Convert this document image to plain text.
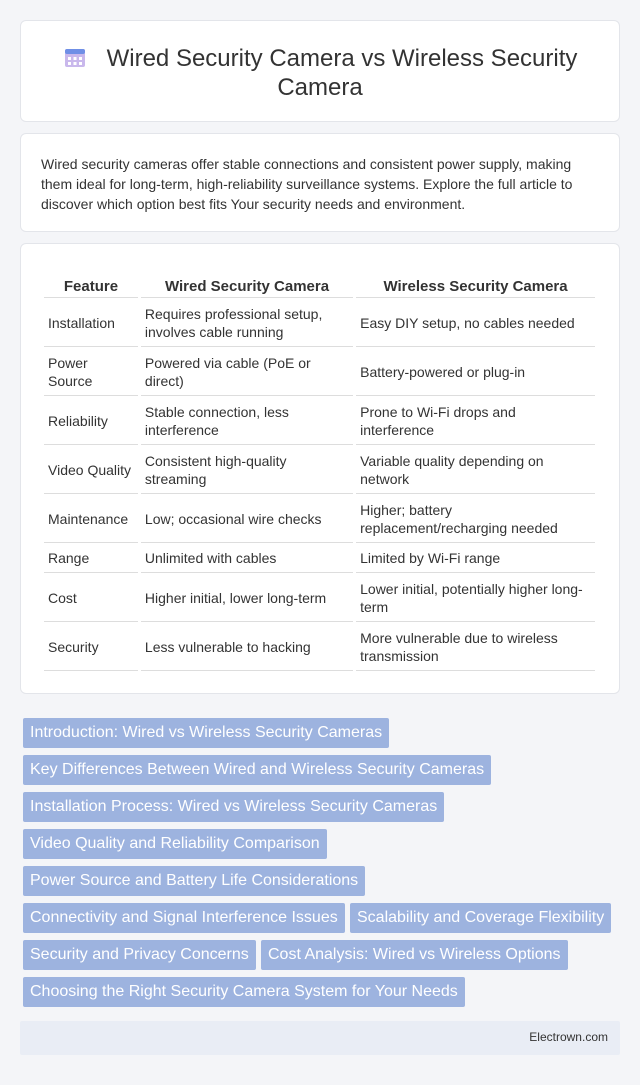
Wired Security Camera vs Wireless Security Camera

Wired security cameras offer stable connections and consistent power supply, making them ideal for long-term, high-reliability surveillance systems. Explore the full article to discover which option best fits Your security needs and environment.

Feature	Wired Security Camera	Wireless Security Camera
Installation	Requires professional setup, involves cable running	Easy DIY setup, no cables needed
Power Source	Powered via cable (PoE or direct)	Battery-powered or plug-in
Reliability	Stable connection, less interference	Prone to Wi-Fi drops and interference
Video Quality	Consistent high-quality streaming	Variable quality depending on network
Maintenance	Low; occasional wire checks	Higher; battery replacement/recharging needed
Range	Unlimited with cables	Limited by Wi-Fi range
Cost	Higher initial, lower long-term	Lower initial, potentially higher long-term
Security	Less vulnerable to hacking	More vulnerable due to wireless transmission
Introduction: Wired vs Wireless Security Cameras
Key Differences Between Wired and Wireless Security Cameras
Installation Process: Wired vs Wireless Security Cameras
Video Quality and Reliability Comparison
Power Source and Battery Life Considerations
Connectivity and Signal Interference Issues	Scalability and Coverage Flexibility
Security and Privacy Concerns	Cost Analysis: Wired vs Wireless Options
Choosing the Right Security Camera System for Your Needs
Electrown.com
